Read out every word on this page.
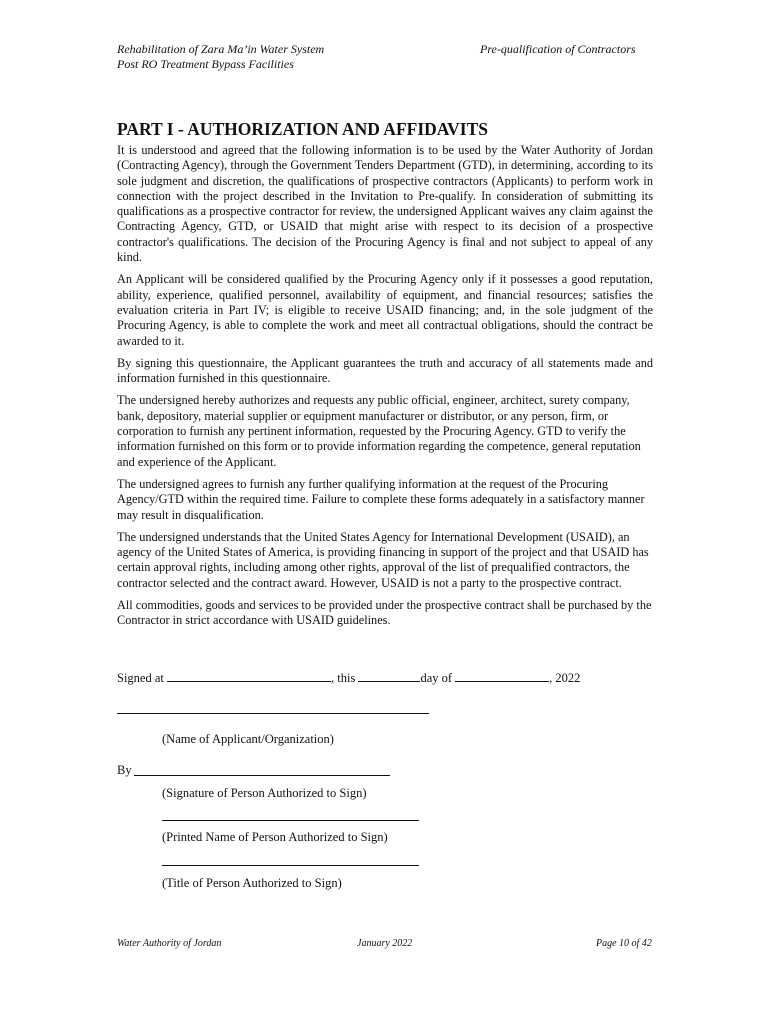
Rehabilitation of Zara Ma’in Water System
Post RO Treatment Bypass Facilities
Pre-qualification of Contractors
PART I - AUTHORIZATION AND AFFIDAVITS

It is understood and agreed that the following information is to be used by the Water Authority of Jordan (Contracting Agency), through the Government Tenders Department (GTD), in determining, according to its sole judgment and discretion, the qualifications of prospective contractors (Applicants) to perform work in connection with the project described in the Invitation to Pre-qualify. In consideration of submitting its qualifications as a prospective contractor for review, the undersigned Applicant waives any claim against the Contracting Agency, GTD, or USAID that might arise with respect to its decision of a prospective contractor's qualifications. The decision of the Procuring Agency is final and not subject to appeal of any kind.

An Applicant will be considered qualified by the Procuring Agency only if it possesses a good reputation, ability, experience, qualified personnel, availability of equipment, and financial resources; satisfies the evaluation criteria in Part IV; is eligible to receive USAID financing; and, in the sole judgment of the Procuring Agency, is able to complete the work and meet all contractual obligations, should the contract be awarded to it.

By signing this questionnaire, the Applicant guarantees the truth and accuracy of all statements made and information furnished in this questionnaire.

The undersigned hereby authorizes and requests any public official, engineer, architect, surety company, bank, depository, material supplier or equipment manufacturer or distributor, or any person, firm, or corporation to furnish any pertinent information, requested by the Procuring Agency. GTD to verify the information furnished on this form or to provide information regarding the competence, general reputation and experience of the Applicant.

The undersigned agrees to furnish any further qualifying information at the request of the Procuring Agency/GTD within the required time. Failure to complete these forms adequately in a satisfactory manner may result in disqualification.

The undersigned understands that the United States Agency for International Development (USAID), an agency of the United States of America, is providing financing in support of the project and that USAID has certain approval rights, including among other rights, approval of the list of prequalified contractors, the contractor selected and the contract award. However, USAID is not a party to the prospective contract.

All commodities, goods and services to be provided under the prospective contract shall be purchased by the Contractor in strict accordance with USAID guidelines.

Signed at	, this	day of	, 2022
(Name of Applicant/Organization)
By
(Signature of Person Authorized to Sign)
(Printed Name of Person Authorized to Sign)
(Title of Person Authorized to Sign)
Water Authority of Jordan	January 2022	Page 10 of 42
